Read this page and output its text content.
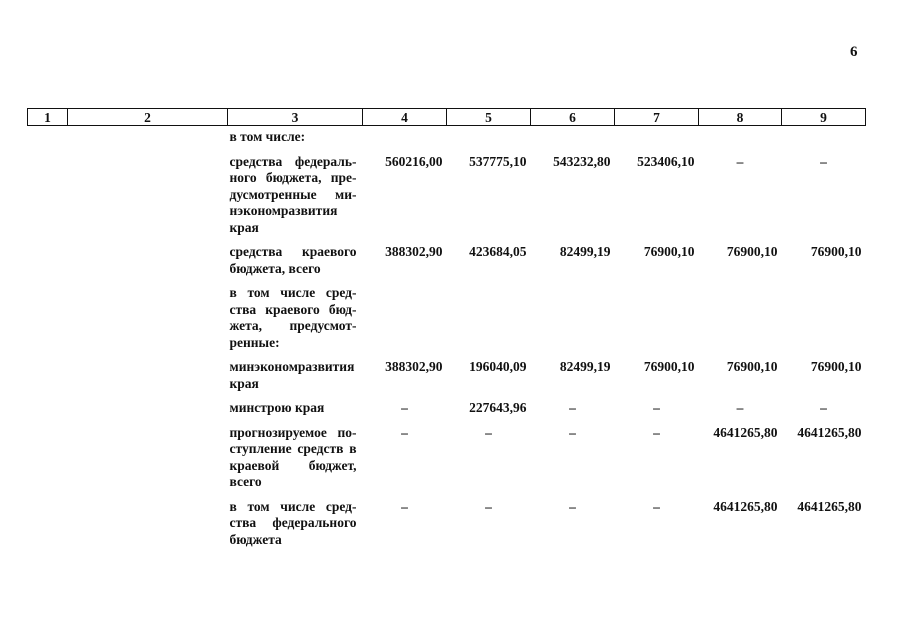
6
1	2	3	4	5	6	7	8	9
		в том числе:						

		средства федераль-ного бюджета, пре-дусмотренные ми-нэкономразвития края	560216,00	537775,10	543232,80	523406,10	–	–

		средства краевого бюджета, всего	388302,90	423684,05	82499,19	76900,10	76900,10	76900,10

		в том числе сред-ства краевого бюд-жета, предусмот-ренные:						

		минэкономразвития края	388302,90	196040,09	82499,19	76900,10	76900,10	76900,10

		минстрою края	–	227643,96	–	–	–	–

		прогнозируемое по-ступление средств в краевой бюджет, всего	–	–	–	–	4641265,80	4641265,80

		в том числе сред-ства федерального бюджета	–	–	–	–	4641265,80	4641265,80
